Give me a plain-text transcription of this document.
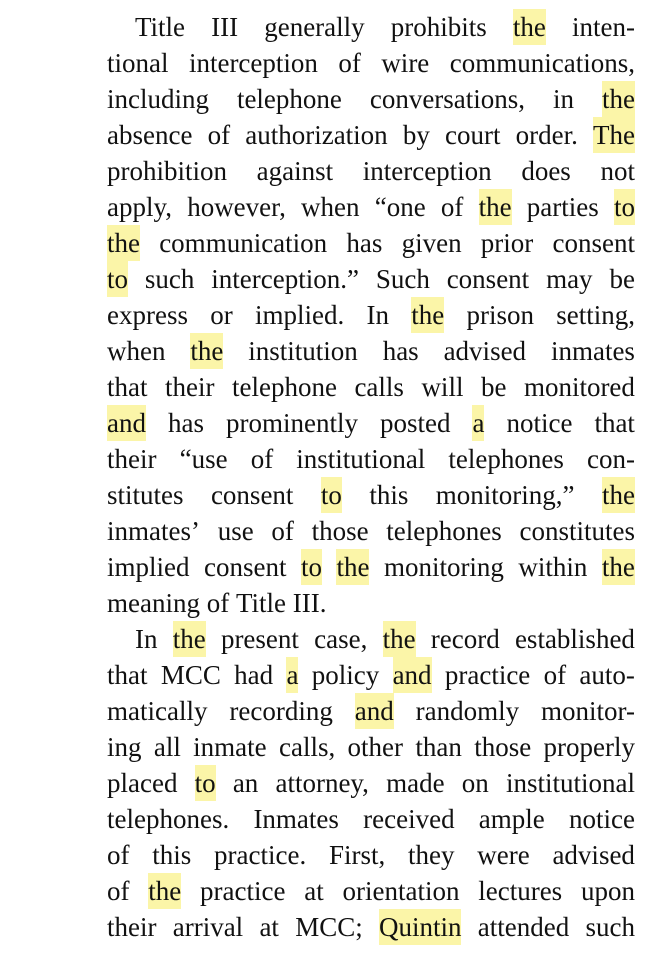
Title III generally prohibits the inten-
tional interception of wire communications,
including telephone conversations, in the
absence of authorization by court order. The
prohibition against interception does not
apply, however, when “one of the parties to
the communication has given prior consent
to such interception.” Such consent may be
express or implied. In the prison setting,
when the institution has advised inmates
that their telephone calls will be monitored
and has prominently posted a notice that
their “use of institutional telephones con-
stitutes consent to this monitoring,” the
inmates’ use of those telephones constitutes
implied consent to the monitoring within the
meaning of Title III.
In the present case, the record established
that MCC had a policy and practice of auto-
matically recording and randomly monitor-
ing all inmate calls, other than those properly
placed to an attorney, made on institutional
telephones. Inmates received ample notice
of this practice. First, they were advised
of the practice at orientation lectures upon
their arrival at MCC; Quintin attended such
